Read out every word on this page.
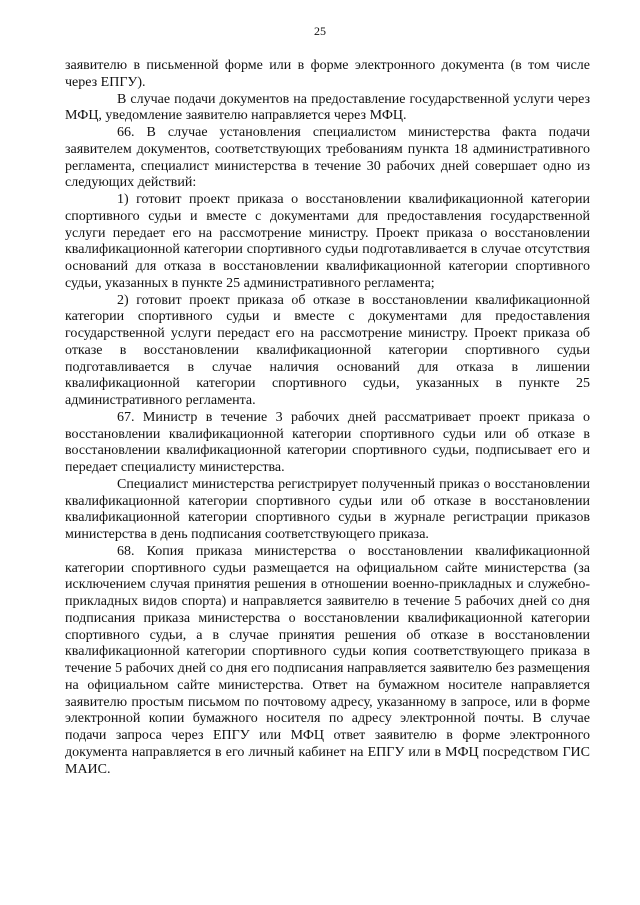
25

заявителю в письменной форме или в форме электронного документа (в том числе через ЕПГУ).

В случае подачи документов на предоставление государственной услуги через МФЦ, уведомление заявителю направляется через МФЦ.

66. В случае установления специалистом министерства факта подачи заявителем документов, соответствующих требованиям пункта 18 административного регламента, специалист министерства в течение 30 рабочих дней совершает одно из следующих действий:

1) готовит проект приказа о восстановлении квалификационной категории спортивного судьи и вместе с документами для предоставления государственной услуги передает его на рассмотрение министру. Проект приказа о восстановлении квалификационной категории спортивного судьи подготавливается в случае отсутствия оснований для отказа в восстановлении квалификационной категории спортивного судьи, указанных в пункте 25 административного регламента;

2) готовит проект приказа об отказе в восстановлении квалификационной категории спортивного судьи и вместе с документами для предоставления государственной услуги передаст его на рассмотрение министру. Проект приказа об отказе в восстановлении квалификационной категории спортивного судьи подготавливается в случае наличия оснований для отказа в лишении квалификационной категории спортивного судьи, указанных в пункте 25 административного регламента.

67. Министр в течение 3 рабочих дней рассматривает проект приказа о восстановлении квалификационной категории спортивного судьи или об отказе в восстановлении квалификационной категории спортивного судьи, подписывает его и передает специалисту министерства.

Специалист министерства регистрирует полученный приказ о восстановлении квалификационной категории спортивного судьи или об отказе в восстановлении квалификационной категории спортивного судьи в журнале регистрации приказов министерства в день подписания соответствующего приказа.

68. Копия приказа министерства о восстановлении квалификационной категории спортивного судьи размещается на официальном сайте министерства (за исключением случая принятия решения в отношении военно-прикладных и служебно-прикладных видов спорта) и направляется заявителю в течение 5 рабочих дней со дня подписания приказа министерства о восстановлении квалификационной категории спортивного судьи, а в случае принятия решения об отказе в восстановлении квалификационной категории спортивного судьи копия соответствующего приказа в течение 5 рабочих дней со дня его подписания направляется заявителю без размещения на официальном сайте министерства. Ответ на бумажном носителе направляется заявителю простым письмом по почтовому адресу, указанному в запросе, или в форме электронной копии бумажного носителя по адресу электронной почты. В случае подачи запроса через ЕПГУ или МФЦ ответ заявителю в форме электронного документа направляется в его личный кабинет на ЕПГУ или в МФЦ посредством ГИС МАИС.
